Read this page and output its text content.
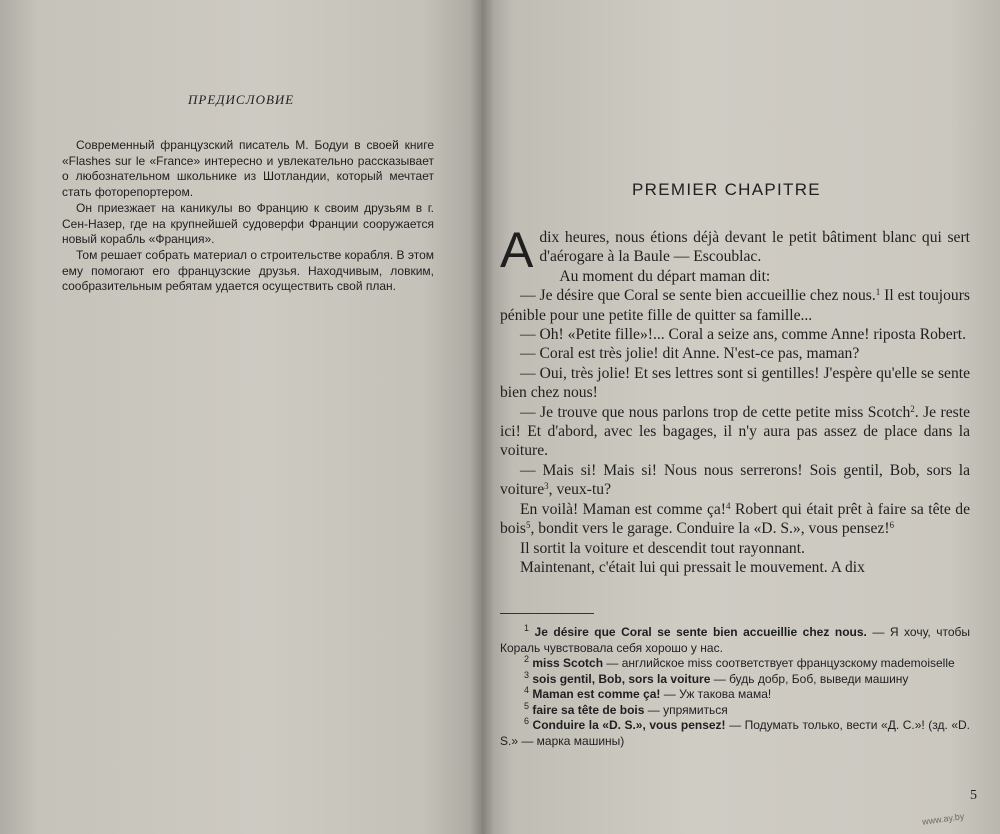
ПРЕДИСЛОВИЕ

Современный французский писатель М. Бодуи в своей книге «Flashes sur le «France» интересно и увлекательно рассказывает о любознательном школьнике из Шотландии, который мечтает стать фоторепортером.

Он приезжает на каникулы во Францию к своим друзьям в г. Сен-Назер, где на крупнейшей судоверфи Франции сооружается новый корабль «Франция».

Том решает собрать материал о строительстве корабля. В этом ему помогают его французские друзья. Находчивым, ловким, сообразительным ребятам удается осуществить свой план.

PREMIER CHAPITRE

Adix heures, nous étions déjà devant le petit bâtiment blanc qui sert d'aérogare à la Baule — Escoublac.

Au moment du départ maman dit:

— Je désire que Coral se sente bien accueillie chez nous.$^1$ Il est toujours pénible pour une petite fille de quitter sa famille...

— Oh! «Petite fille»!... Coral a seize ans, comme Anne! riposta Robert.

— Coral est très jolie! dit Anne. N'est-ce pas, maman?

— Oui, très jolie! Et ses lettres sont si gentilles! J'espère qu'elle se sente bien chez nous!

— Je trouve que nous parlons trop de cette petite miss Scotch$^2$. Je reste ici! Et d'abord, avec les bagages, il n'y aura pas assez de place dans la voiture.

— Mais si! Mais si! Nous nous serrerons! Sois gentil, Bob, sors la voiture$^3$, veux-tu?

En voilà! Maman est comme ça!$^4$ Robert qui était prêt à faire sa tête de bois$^5$, bondit vers le garage. Conduire la «D. S.», vous pensez!$^6$

Il sortit la voiture et descendit tout rayonnant.

Maintenant, c'était lui qui pressait le mouvement. A dix

$^1$ Je désire que Coral se sente bien accueillie chez nous. — Я хочу, чтобы Кораль чувствовала себя хорошо у нас.

$^2$ miss Scotch — английское miss соответствует французскому mademoiselle

$^3$ sois gentil, Bob, sors la voiture — будь добр, Боб, выведи машину

$^4$ Maman est comme ça! — Уж такова мама!

$^5$ faire sa tête de bois — упрямиться

$^6$ Conduire la «D. S.», vous pensez! — Подумать только, вести «Д. С.»! (зд. «D. S.» — марка машины)

5
www.ay.by
